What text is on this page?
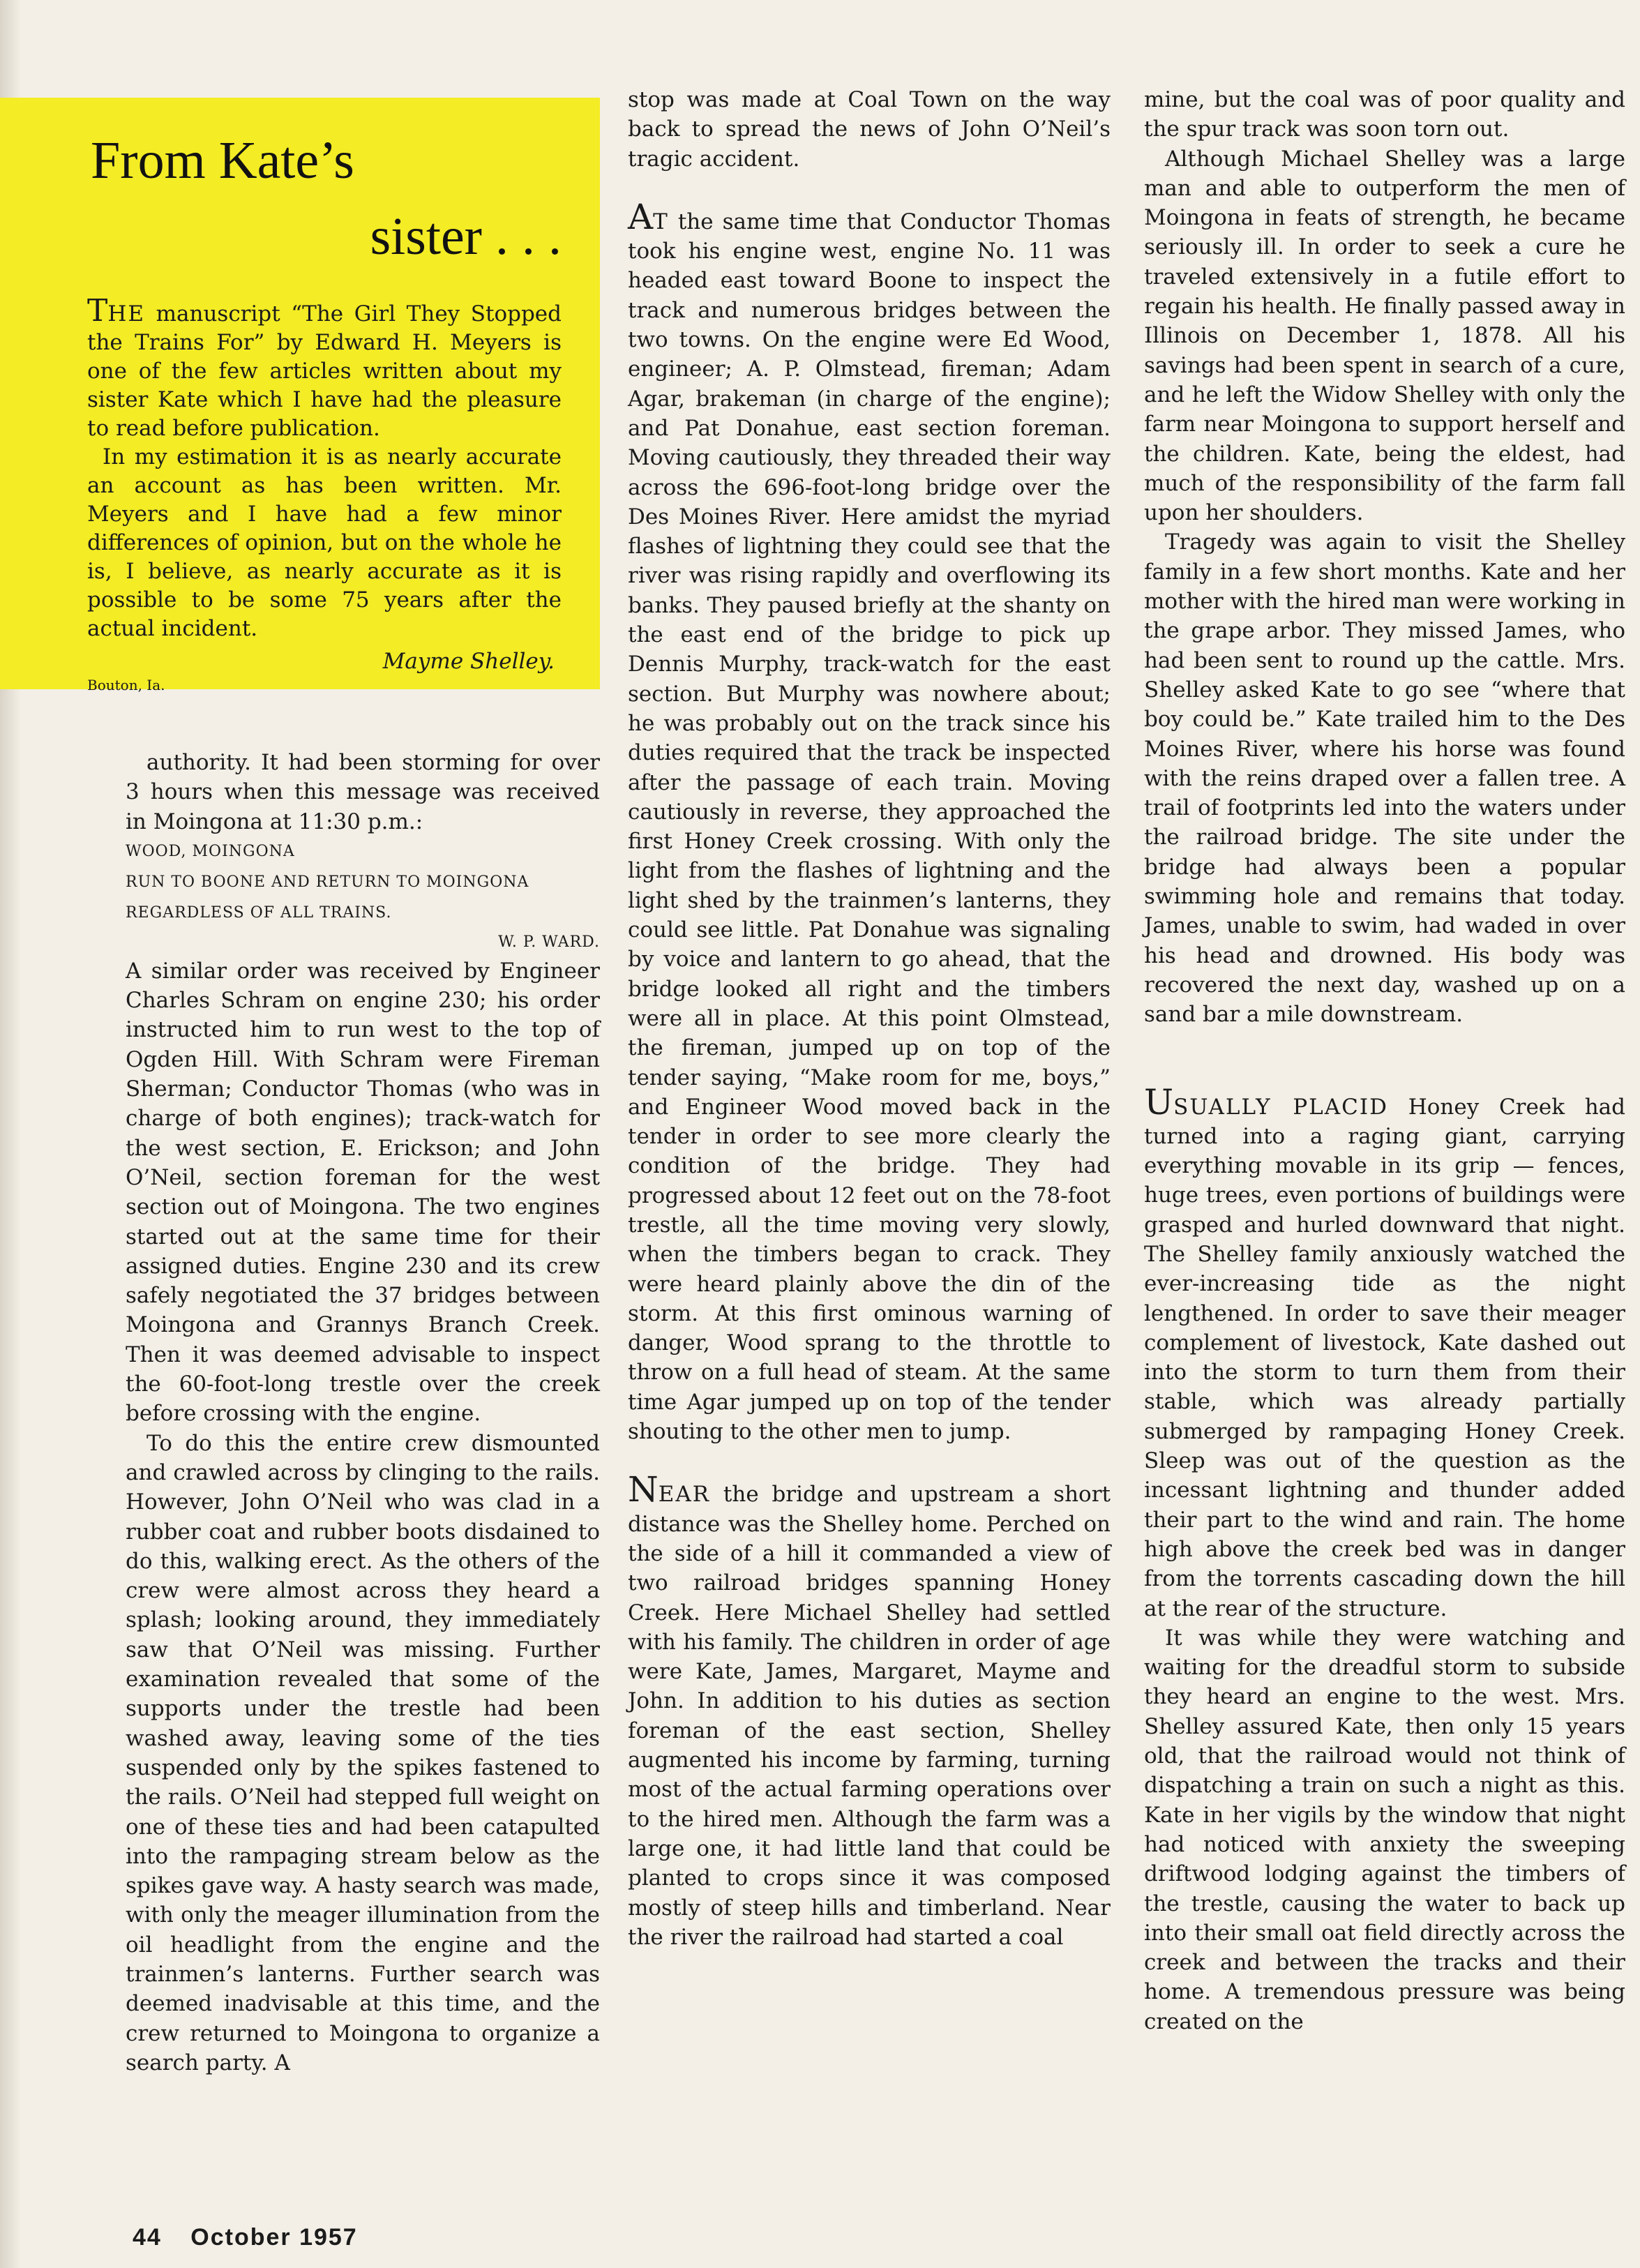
From Kate’s
sister . . .

THE manuscript “The Girl They Stopped the Trains For” by Edward H. Meyers is one of the few articles written about my sister Kate which I have had the pleasure to read before publication.

In my estimation it is as nearly accurate an account as has been written. Mr. Meyers and I have had a few minor differences of opinion, but on the whole he is, I believe, as nearly accurate as it is possible to be some 75 years after the actual incident.

Mayme Shelley.
Bouton, Ia.

authority. It had been storming for over 3 hours when this message was received in Moingona at 11:30 p.m.:

WOOD, MOINGONA
RUN TO BOONE AND RETURN TO MOINGONA REGARDLESS OF ALL TRAINS.
W. P. WARD.

A similar order was received by Engineer Charles Schram on engine 230; his order instructed him to run west to the top of Ogden Hill. With Schram were Fireman Sherman; Conductor Thomas (who was in charge of both engines); track-watch for the west section, E. Erickson; and John O’Neil, section foreman for the west section out of Moingona. The two engines started out at the same time for their assigned duties. Engine 230 and its crew safely negotiated the 37 bridges between Moingona and Grannys Branch Creek. Then it was deemed advisable to inspect the 60-foot-long trestle over the creek before crossing with the engine.

To do this the entire crew dismounted and crawled across by clinging to the rails. However, John O’Neil who was clad in a rubber coat and rubber boots disdained to do this, walking erect. As the others of the crew were almost across they heard a splash; looking around, they immediately saw that O’Neil was missing. Further examination revealed that some of the supports under the trestle had been washed away, leaving some of the ties suspended only by the spikes fastened to the rails. O’Neil had stepped full weight on one of these ties and had been catapulted into the rampaging stream below as the spikes gave way. A hasty search was made, with only the meager illumination from the oil headlight from the engine and the trainmen’s lanterns. Further search was deemed inadvisable at this time, and the crew returned to Moingona to organize a search party. A

stop was made at Coal Town on the way back to spread the news of John O’Neil’s tragic accident.

AT the same time that Conductor Thomas took his engine west, engine No. 11 was headed east toward Boone to inspect the track and numerous bridges between the two towns. On the engine were Ed Wood, engineer; A. P. Olmstead, fireman; Adam Agar, brakeman (in charge of the engine); and Pat Donahue, east section foreman. Moving cautiously, they threaded their way across the 696-foot-long bridge over the Des Moines River. Here amidst the myriad flashes of lightning they could see that the river was rising rapidly and overflowing its banks. They paused briefly at the shanty on the east end of the bridge to pick up Dennis Murphy, track-watch for the east section. But Murphy was nowhere about; he was probably out on the track since his duties required that the track be inspected after the passage of each train. Moving cautiously in reverse, they approached the first Honey Creek crossing. With only the light from the flashes of lightning and the light shed by the trainmen’s lanterns, they could see little. Pat Donahue was signaling by voice and lantern to go ahead, that the bridge looked all right and the timbers were all in place. At this point Olmstead, the fireman, jumped up on top of the tender saying, “Make room for me, boys,” and Engineer Wood moved back in the tender in order to see more clearly the condition of the bridge. They had progressed about 12 feet out on the 78-foot trestle, all the time moving very slowly, when the timbers began to crack. They were heard plainly above the din of the storm. At this first ominous warning of danger, Wood sprang to the throttle to throw on a full head of steam. At the same time Agar jumped up on top of the tender shouting to the other men to jump.

NEAR the bridge and upstream a short distance was the Shelley home. Perched on the side of a hill it commanded a view of two railroad bridges spanning Honey Creek. Here Michael Shelley had settled with his family. The children in order of age were Kate, James, Margaret, Mayme and John. In addition to his duties as section foreman of the east section, Shelley augmented his income by farming, turning most of the actual farming operations over to the hired men. Although the farm was a large one, it had little land that could be planted to crops since it was composed mostly of steep hills and timberland. Near the river the railroad had started a coal

mine, but the coal was of poor quality and the spur track was soon torn out.

Although Michael Shelley was a large man and able to outperform the men of Moingona in feats of strength, he became seriously ill. In order to seek a cure he traveled extensively in a futile effort to regain his health. He finally passed away in Illinois on December 1, 1878. All his savings had been spent in search of a cure, and he left the Widow Shelley with only the farm near Moingona to support herself and the children. Kate, being the eldest, had much of the responsibility of the farm fall upon her shoulders.

Tragedy was again to visit the Shelley family in a few short months. Kate and her mother with the hired man were working in the grape arbor. They missed James, who had been sent to round up the cattle. Mrs. Shelley asked Kate to go see “where that boy could be.” Kate trailed him to the Des Moines River, where his horse was found with the reins draped over a fallen tree. A trail of footprints led into the waters under the railroad bridge. The site under the bridge had always been a popular swimming hole and remains that today. James, unable to swim, had waded in over his head and drowned. His body was recovered the next day, washed up on a sand bar a mile downstream.

USUALLY PLACID Honey Creek had turned into a raging giant, carrying everything movable in its grip — fences, huge trees, even portions of buildings were grasped and hurled downward that night. The Shelley family anxiously watched the ever-increasing tide as the night lengthened. In order to save their meager complement of livestock, Kate dashed out into the storm to turn them from their stable, which was already partially submerged by rampaging Honey Creek. Sleep was out of the question as the incessant lightning and thunder added their part to the wind and rain. The home high above the creek bed was in danger from the torrents cascading down the hill at the rear of the structure.

It was while they were watching and waiting for the dreadful storm to subside they heard an engine to the west. Mrs. Shelley assured Kate, then only 15 years old, that the railroad would not think of dispatching a train on such a night as this. Kate in her vigils by the window that night had noticed with anxiety the sweeping driftwood lodging against the timbers of the trestle, causing the water to back up into their small oat field directly across the creek and between the tracks and their home. A tremendous pressure was being created on the

44 October 1957
